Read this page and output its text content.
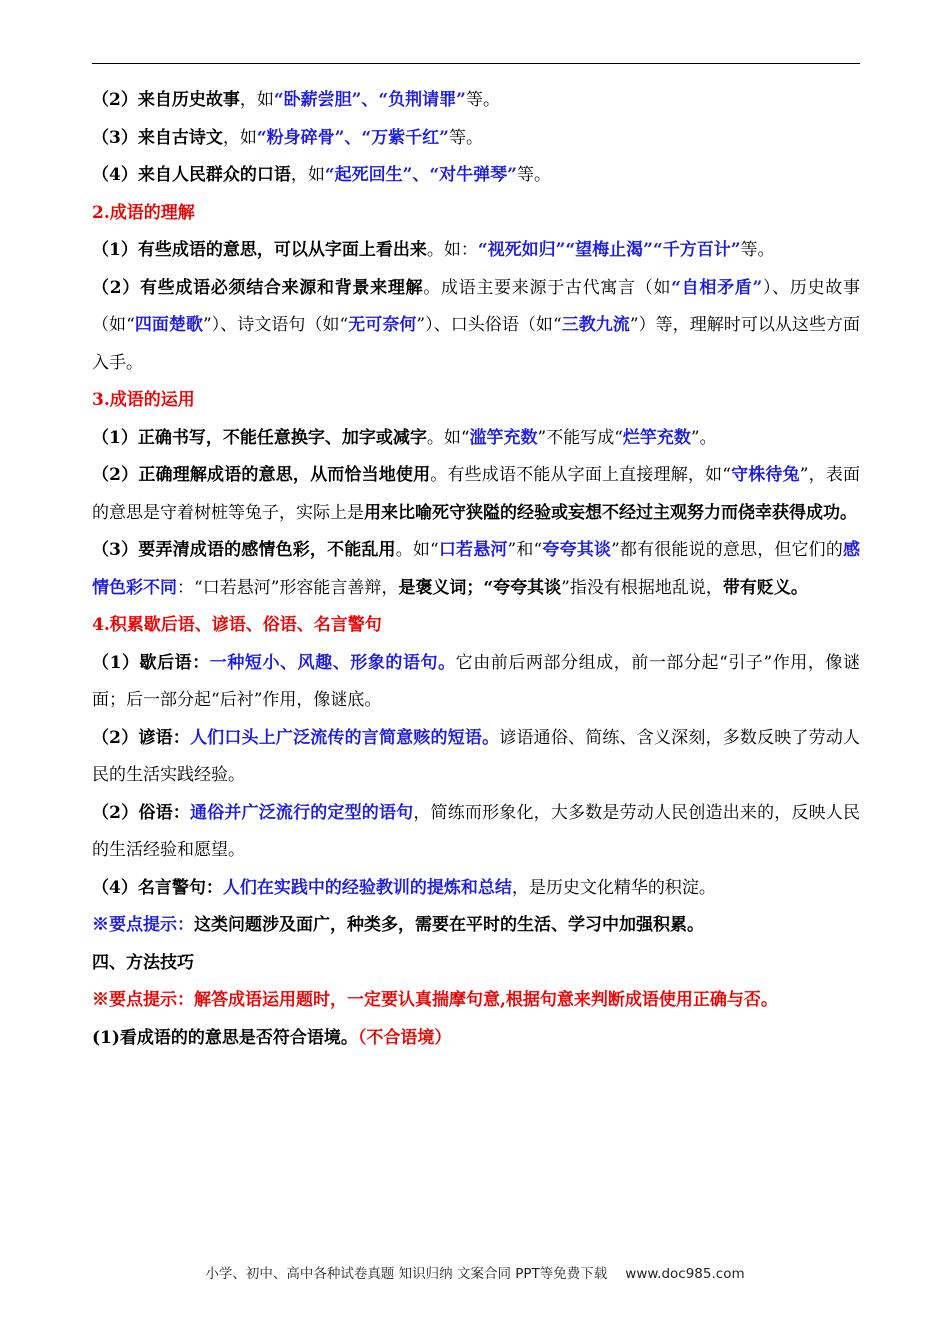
（2）来自历史故事，如“卧薪尝胆”、“负荆请罪”等。

（3）来自古诗文，如“粉身碎骨”、“万紫千红”等。

（4）来自人民群众的口语，如“起死回生”、“对牛弹琴”等。

2.成语的理解

（1）有些成语的意思，可以从字面上看出来。如：“视死如归”“望梅止渴”“千方百计”等。

（2）有些成语必须结合来源和背景来理解。成语主要来源于古代寓言（如“自相矛盾”）、历史故事（如“四面楚歌”）、诗文语句（如“无可奈何”）、口头俗语（如“三教九流”）等，理解时可以从这些方面入手。

3.成语的运用

（1）正确书写，不能任意换字、加字或减字。如“滥竽充数”不能写成“烂竽充数”。

（2）正确理解成语的意思，从而恰当地使用。有些成语不能从字面上直接理解，如“守株待兔”，表面的意思是守着树桩等兔子，实际上是用来比喻死守狭隘的经验或妄想不经过主观努力而侥幸获得成功。

（3）要弄清成语的感情色彩，不能乱用。如“口若悬河”和“夸夸其谈”都有很能说的意思，但它们的感情色彩不同：“口若悬河”形容能言善辩，是褒义词；“夸夸其谈”指没有根据地乱说，带有贬义。

4.积累歇后语、谚语、俗语、名言警句

（1）歇后语：一种短小、风趣、形象的语句。它由前后两部分组成，前一部分起“引子”作用，像谜面；后一部分起“后衬”作用，像谜底。

（2）谚语：人们口头上广泛流传的言简意赅的短语。谚语通俗、简练、含义深刻，多数反映了劳动人民的生活实践经验。

（2）俗语：通俗并广泛流行的定型的语句，简练而形象化，大多数是劳动人民创造出来的，反映人民的生活经验和愿望。

（4）名言警句：人们在实践中的经验教训的提炼和总结，是历史文化精华的积淀。

※要点提示：这类问题涉及面广，种类多，需要在平时的生活、学习中加强积累。

四、方法技巧

※要点提示：解答成语运用题时，一定要认真揣摩句意,根据句意来判断成语使用正确与否。

(1)看成语的的意思是否符合语境。（不合语境）

小学、初中、高中各种试卷真题 知识归纳 文案合同 PPT等免费下载 www.doc985.com
